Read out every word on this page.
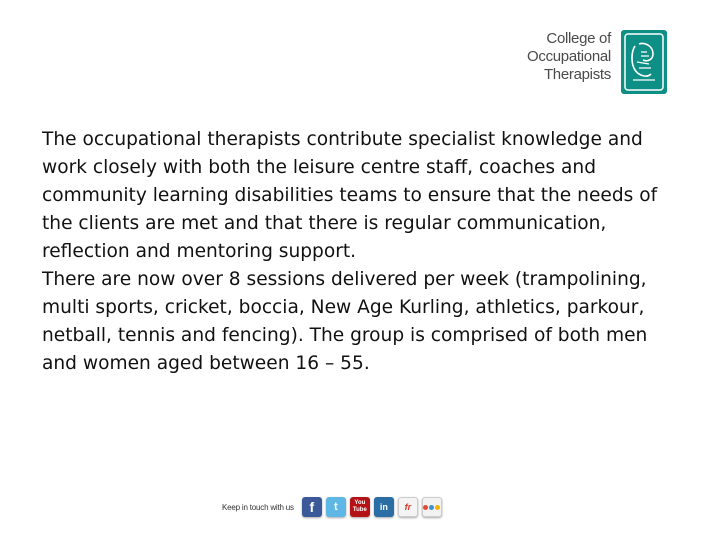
College of
Occupational
Therapists

The occupational therapists contribute specialist knowledge and work closely with both the leisure centre staff, coaches and community learning disabilities teams to ensure that the needs of the clients are met and that there is regular communication, reflection and mentoring support.

There are now over 8 sessions delivered per week (trampolining, multi sports, cricket, boccia, New Age Kurling, athletics, parkour, netball, tennis and fencing). The group is comprised of both men and women aged between 16 – 55.

Keep in touch with us f t	You
Tube in fr
